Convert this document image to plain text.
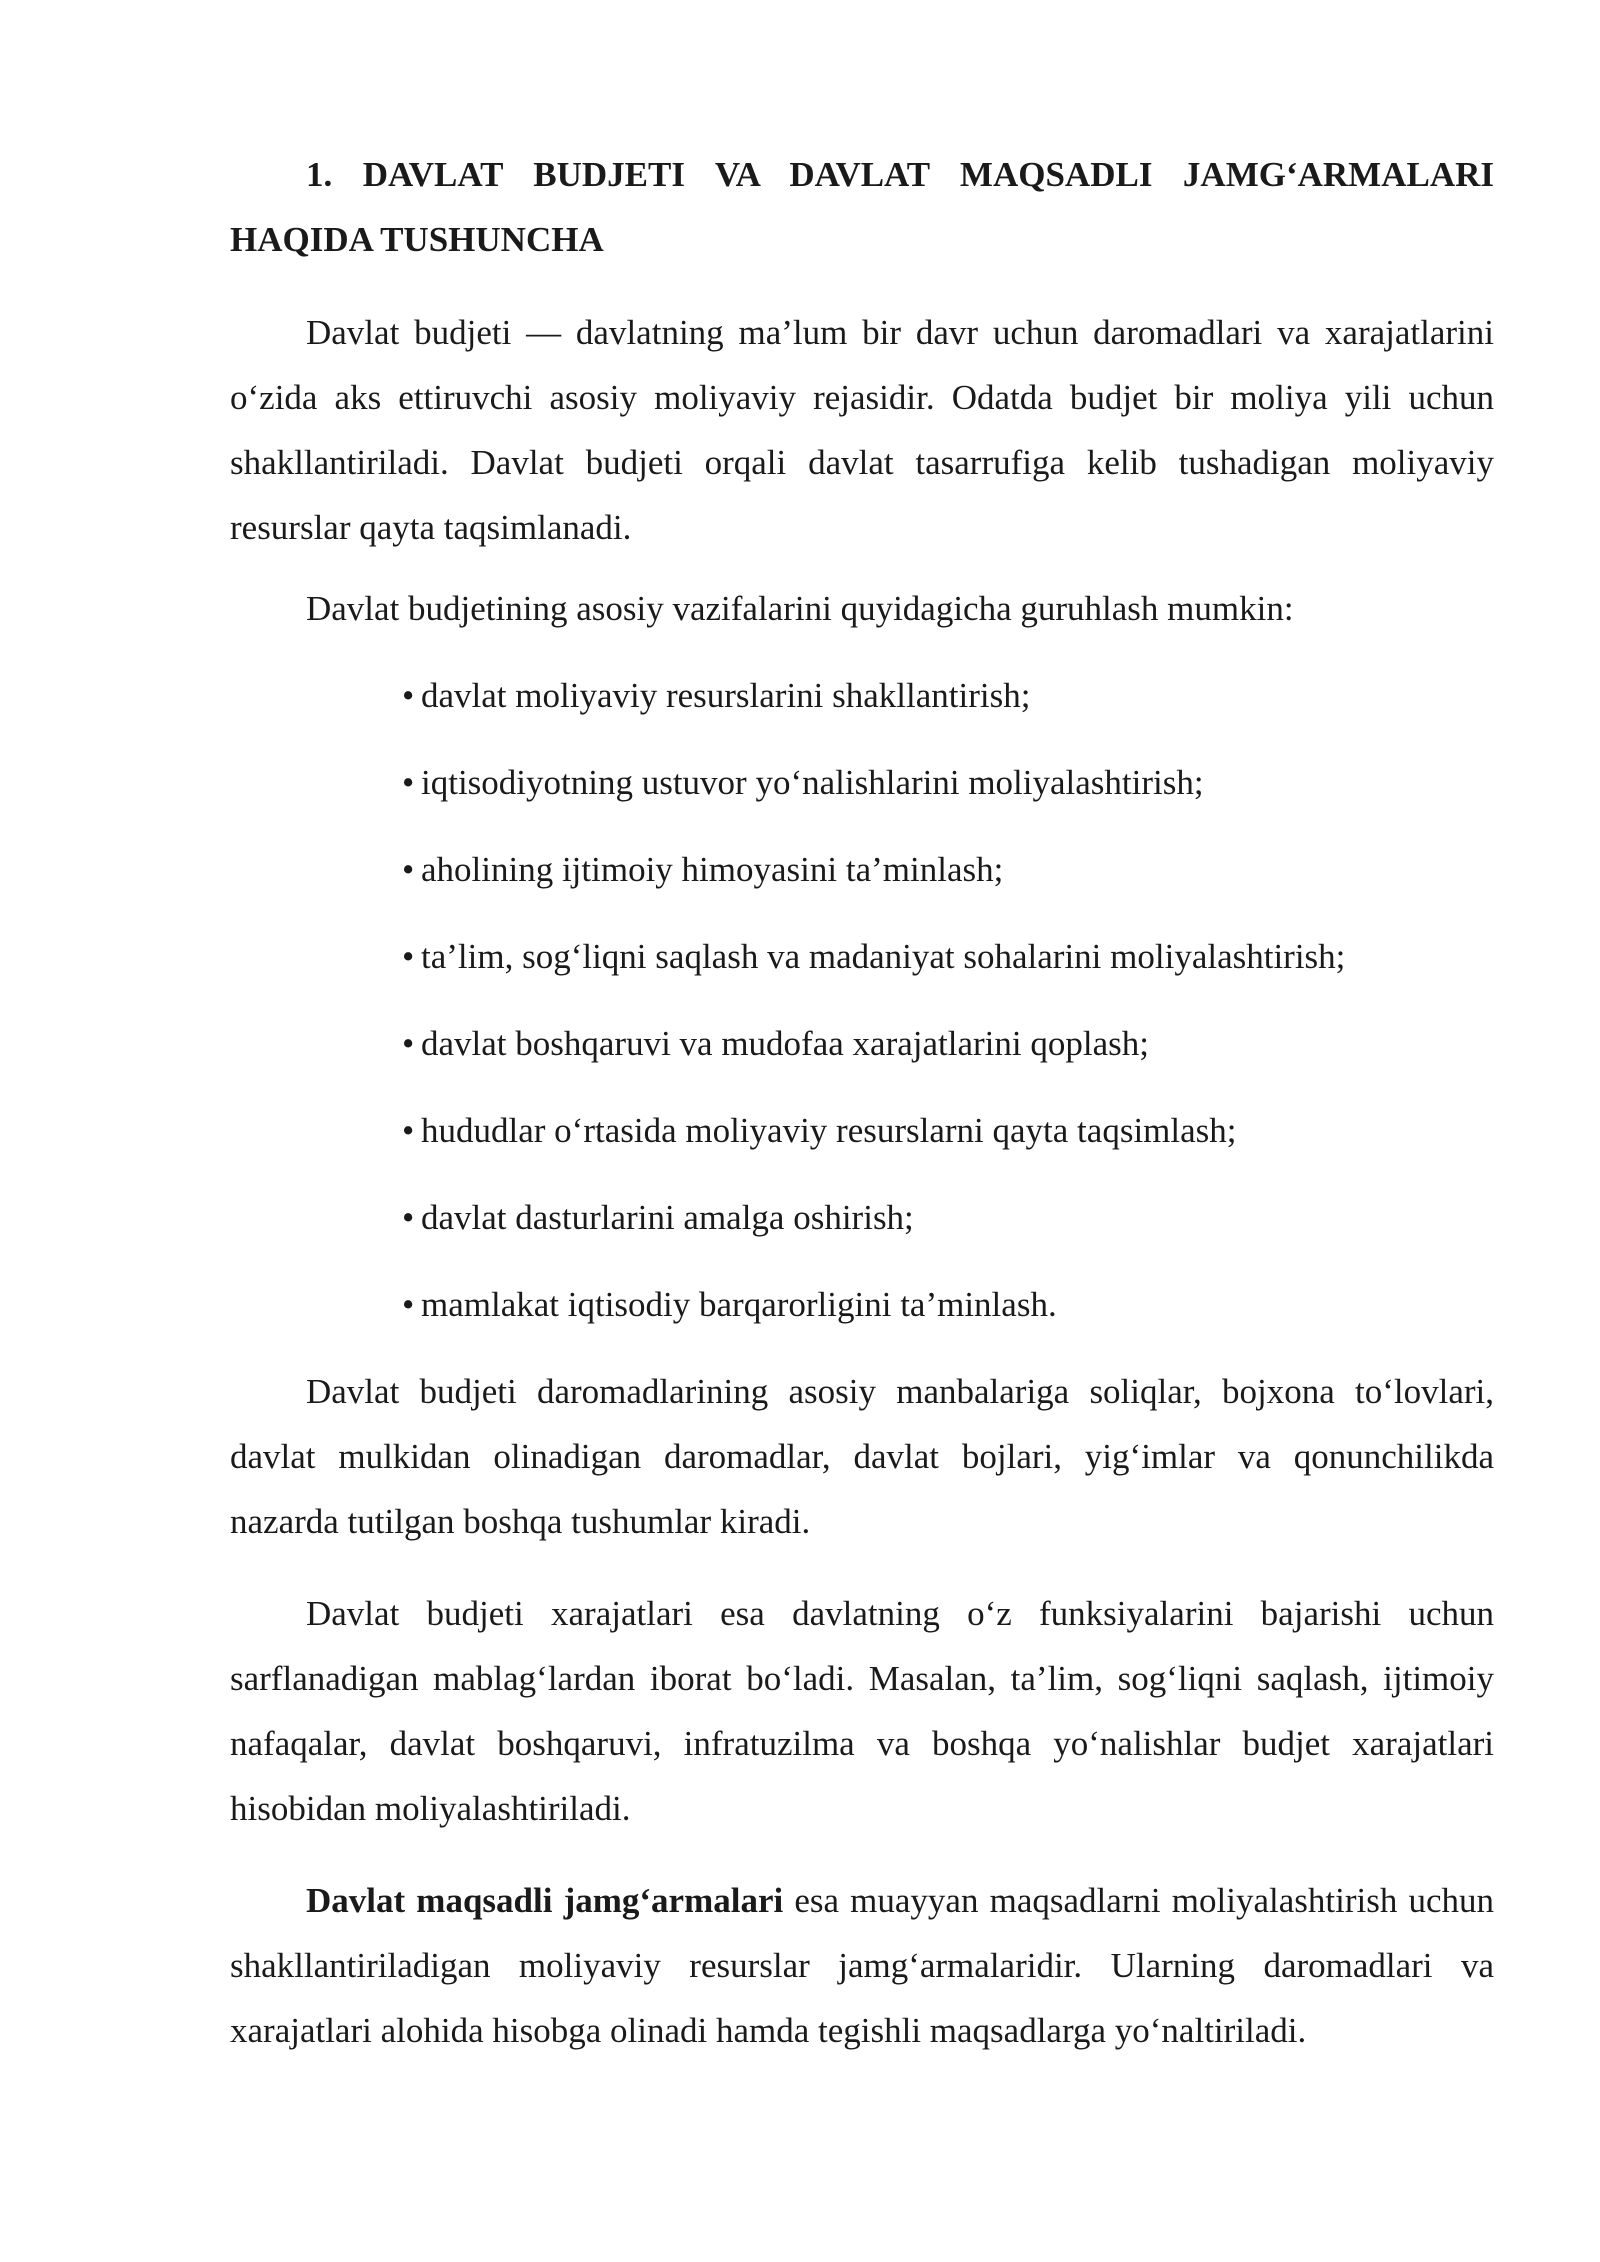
1. DAVLAT BUDJETI VA DAVLAT MAQSADLI JAMG‘ARMALARI HAQIDA TUSHUNCHA

Davlat budjeti — davlatning ma’lum bir davr uchun daromadlari va xarajatlarini o‘zida aks ettiruvchi asosiy moliyaviy rejasidir. Odatda budjet bir moliya yili uchun shakllantiriladi. Davlat budjeti orqali davlat tasarrufiga kelib tushadigan moliyaviy resurslar qayta taqsimlanadi.

Davlat budjetining asosiy vazifalarini quyidagicha guruhlash mumkin:

• davlat moliyaviy resurslarini shakllantirish;
• iqtisodiyotning ustuvor yo‘nalishlarini moliyalashtirish;
• aholining ijtimoiy himoyasini ta’minlash;
• ta’lim, sog‘liqni saqlash va madaniyat sohalarini moliyalashtirish;
• davlat boshqaruvi va mudofaa xarajatlarini qoplash;
• hududlar o‘rtasida moliyaviy resurslarni qayta taqsimlash;
• davlat dasturlarini amalga oshirish;
• mamlakat iqtisodiy barqarorligini ta’minlash.

Davlat budjeti daromadlarining asosiy manbalariga soliqlar, bojxona to‘lovlari, davlat mulkidan olinadigan daromadlar, davlat bojlari, yig‘imlar va qonunchilikda nazarda tutilgan boshqa tushumlar kiradi.

Davlat budjeti xarajatlari esa davlatning o‘z funksiyalarini bajarishi uchun sarflanadigan mablag‘lardan iborat bo‘ladi. Masalan, ta’lim, sog‘liqni saqlash, ijtimoiy nafaqalar, davlat boshqaruvi, infratuzilma va boshqa yo‘nalishlar budjet xarajatlari hisobidan moliyalashtiriladi.

Davlat maqsadli jamg‘armalari esa muayyan maqsadlarni moliyalashtirish uchun shakllantiriladigan moliyaviy resurslar jamg‘armalaridir. Ularning daromadlari va xarajatlari alohida hisobga olinadi hamda tegishli maqsadlarga yo‘naltiriladi.
